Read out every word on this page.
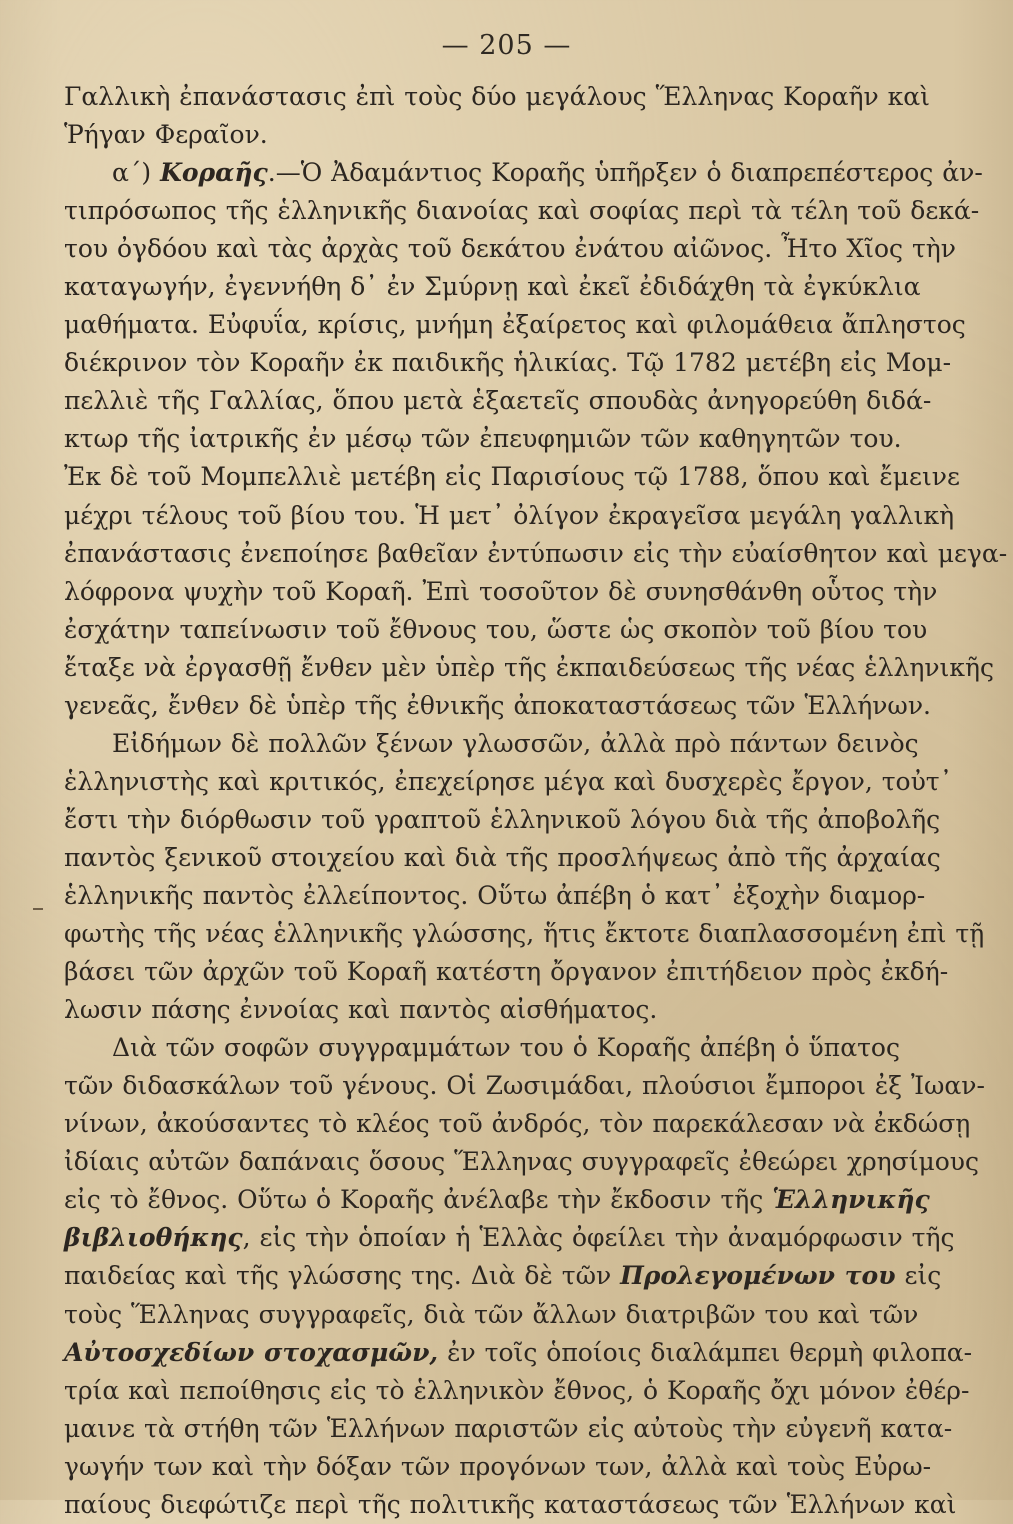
— 205 —
Γαλλικὴ ἐπανάστασις ἐπὶ τοὺς δύο μεγάλους Ἕλληνας Κοραῆν καὶ
Ῥήγαν Φεραῖον.
α΄) Κοραῆς.—Ὁ Ἀδαμάντιος Κοραῆς ὑπῆρξεν ὁ διαπρεπέστερος ἀν-
τιπρόσωπος τῆς ἑλληνικῆς διανοίας καὶ σοφίας περὶ τὰ τέλη τοῦ δεκά-
του ὀγδόου καὶ τὰς ἀρχὰς τοῦ δεκάτου ἐνάτου αἰῶνος. Ἦτο Χῖος τὴν
καταγωγήν, ἐγεννήθη δ᾽ ἐν Σμύρνῃ καὶ ἐκεῖ ἐδιδάχθη τὰ ἐγκύκλια
μαθήματα. Εὐφυΐα, κρίσις, μνήμη ἐξαίρετος καὶ φιλομάθεια ἄπληστος
διέκρινον τὸν Κοραῆν ἐκ παιδικῆς ἡλικίας. Τῷ 1782 μετέβη εἰς Μομ-
πελλιὲ τῆς Γαλλίας, ὅπου μετὰ ἑξαετεῖς σπουδὰς ἀνηγορεύθη διδά-
κτωρ τῆς ἰατρικῆς ἐν μέσῳ τῶν ἐπευφημιῶν τῶν καθηγητῶν του.
Ἐκ δὲ τοῦ Μομπελλιὲ μετέβη εἰς Παρισίους τῷ 1788, ὅπου καὶ ἔμεινε
μέχρι τέλους τοῦ βίου του. Ἡ μετ᾽ ὀλίγον ἐκραγεῖσα μεγάλη γαλλικὴ
ἐπανάστασις ἐνεποίησε βαθεῖαν ἐντύπωσιν εἰς τὴν εὐαίσθητον καὶ μεγα-
λόφρονα ψυχὴν τοῦ Κοραῆ. Ἐπὶ τοσοῦτον δὲ συνησθάνθη οὗτος τὴν
ἐσχάτην ταπείνωσιν τοῦ ἔθνους του, ὥστε ὡς σκοπὸν τοῦ βίου του
ἔταξε νὰ ἐργασθῇ ἔνθεν μὲν ὑπὲρ τῆς ἐκπαιδεύσεως τῆς νέας ἑλληνικῆς
γενεᾶς, ἔνθεν δὲ ὑπὲρ τῆς ἐθνικῆς ἀποκαταστάσεως τῶν Ἑλλήνων.
Εἰδήμων δὲ πολλῶν ξένων γλωσσῶν, ἀλλὰ πρὸ πάντων δεινὸς
ἑλληνιστὴς καὶ κριτικός, ἐπεχείρησε μέγα καὶ δυσχερὲς ἔργον, τοὐτ᾽
ἔστι τὴν διόρθωσιν τοῦ γραπτοῦ ἑλληνικοῦ λόγου διὰ τῆς ἀποβολῆς
παντὸς ξενικοῦ στοιχείου καὶ διὰ τῆς προσλήψεως ἀπὸ τῆς ἀρχαίας
ἑλληνικῆς παντὸς ἐλλείποντος. Οὕτω ἀπέβη ὁ κατ᾽ ἐξοχὴν διαμορ-
φωτὴς τῆς νέας ἑλληνικῆς γλώσσης, ἥτις ἔκτοτε διαπλασσομένη ἐπὶ τῇ
βάσει τῶν ἀρχῶν τοῦ Κοραῆ κατέστη ὄργανον ἐπιτήδειον πρὸς ἐκδή-
λωσιν πάσης ἐννοίας καὶ παντὸς αἰσθήματος.
Διὰ τῶν σοφῶν συγγραμμάτων του ὁ Κοραῆς ἀπέβη ὁ ὕπατος
τῶν διδασκάλων τοῦ γένους. Οἱ Ζωσιμάδαι, πλούσιοι ἔμποροι ἐξ Ἰωαν-
νίνων, ἀκούσαντες τὸ κλέος τοῦ ἀνδρός, τὸν παρεκάλεσαν νὰ ἐκδώσῃ
ἰδίαις αὐτῶν δαπάναις ὅσους Ἕλληνας συγγραφεῖς ἐθεώρει χρησίμους
εἰς τὸ ἔθνος. Οὕτω ὁ Κοραῆς ἀνέλαβε τὴν ἔκδοσιν τῆς Ἑλληνικῆς
βιβλιοθήκης, εἰς τὴν ὁποίαν ἡ Ἑλλὰς ὀφείλει τὴν ἀναμόρφωσιν τῆς
παιδείας καὶ τῆς γλώσσης της. Διὰ δὲ τῶν Προλεγομένων του εἰς
τοὺς Ἕλληνας συγγραφεῖς, διὰ τῶν ἄλλων διατριβῶν του καὶ τῶν
Αὐτοσχεδίων στοχασμῶν, ἐν τοῖς ὁποίοις διαλάμπει θερμὴ φιλοπα-
τρία καὶ πεποίθησις εἰς τὸ ἑλληνικὸν ἔθνος, ὁ Κοραῆς ὄχι μόνον ἐθέρ-
μαινε τὰ στήθη τῶν Ἑλλήνων παριστῶν εἰς αὐτοὺς τὴν εὐγενῆ κατα-
γωγήν των καὶ τὴν δόξαν τῶν προγόνων των, ἀλλὰ καὶ τοὺς Εὐρω-
παίους διεφώτιζε περὶ τῆς πολιτικῆς καταστάσεως τῶν Ἑλλήνων καὶ
